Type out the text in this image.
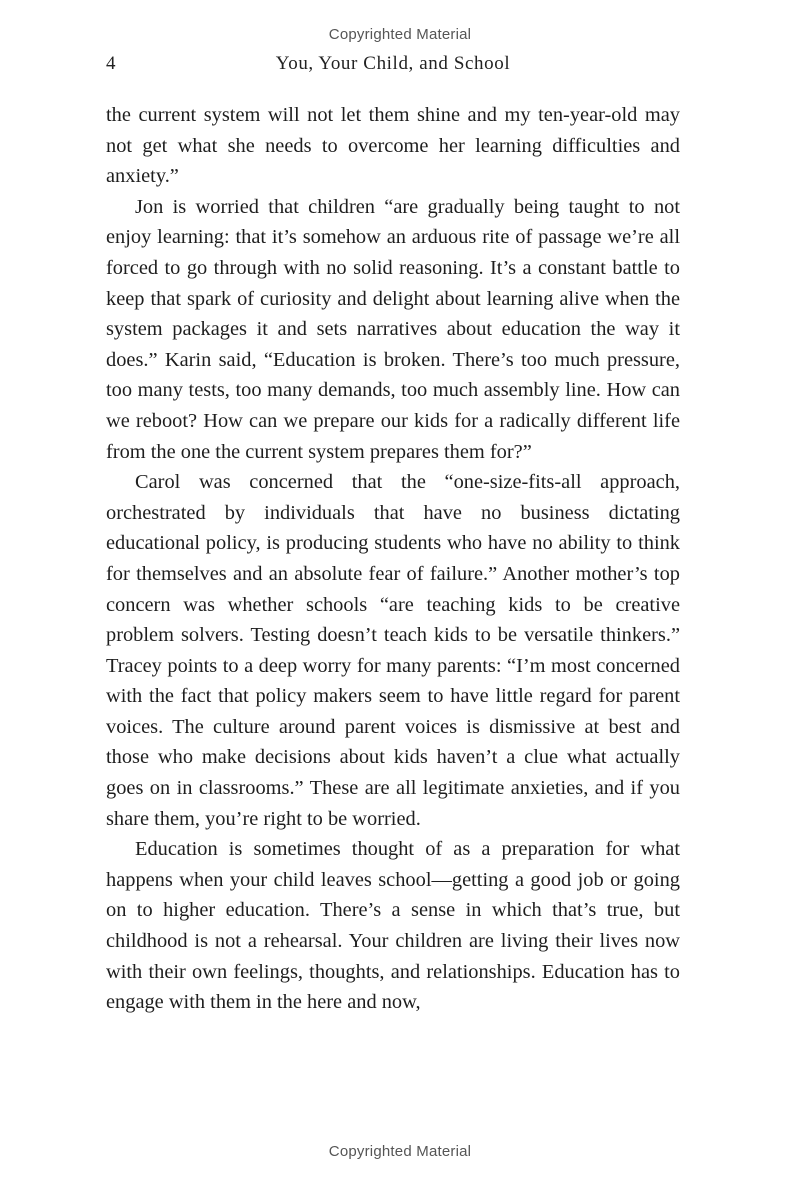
Copyrighted Material
4	You, Your Child, and School

the current system will not let them shine and my ten-year-old may not get what she needs to overcome her learning difficulties and anxiety.”

Jon is worried that children “are gradually being taught to not enjoy learning: that it’s somehow an arduous rite of passage we’re all forced to go through with no solid reasoning. It’s a constant battle to keep that spark of curiosity and delight about learning alive when the system packages it and sets narratives about education the way it does.” Karin said, “Education is broken. There’s too much pressure, too many tests, too many demands, too much assembly line. How can we reboot? How can we prepare our kids for a radically different life from the one the current system prepares them for?”

Carol was concerned that the “one-size-fits-all approach, orchestrated by individuals that have no business dictating educational policy, is producing students who have no ability to think for themselves and an absolute fear of failure.” Another mother’s top concern was whether schools “are teaching kids to be creative problem solvers. Testing doesn’t teach kids to be versatile thinkers.” Tracey points to a deep worry for many parents: “I’m most concerned with the fact that policy makers seem to have little regard for parent voices. The culture around parent voices is dismissive at best and those who make decisions about kids haven’t a clue what actually goes on in classrooms.” These are all legitimate anxieties, and if you share them, you’re right to be worried.

Education is sometimes thought of as a preparation for what happens when your child leaves school—getting a good job or going on to higher education. There’s a sense in which that’s true, but childhood is not a rehearsal. Your children are living their lives now with their own feelings, thoughts, and relationships. Education has to engage with them in the here and now,

Copyrighted Material
